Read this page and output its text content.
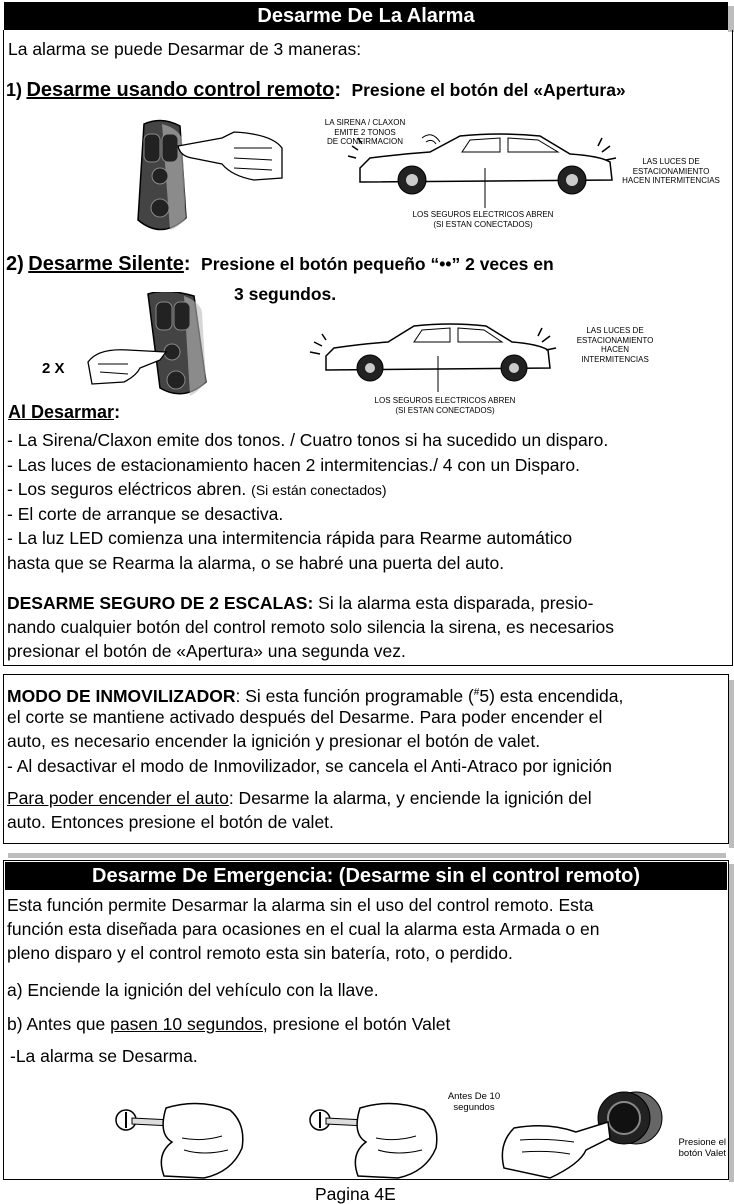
Desarme De La Alarma
La alarma se puede Desarmar de 3 maneras:
1) Desarme usando control remoto: Presione el botón del «Apertura»
LA SIRENA / CLAXON
EMITE 2 TONOS
DE CONFIRMACION
LAS LUCES DE
ESTACIONAMIENTO
HACEN INTERMITENCIAS
LOS SEGUROS ELECTRICOS ABREN
(SI ESTAN CONECTADOS)
2) Desarme Silente: Presione el botón pequeño “••” 2 veces en
3 segundos.
2 X
LAS LUCES DE
ESTACIONAMIENTO
HACEN
INTERMITENCIAS
LOS SEGUROS ELECTRICOS ABREN
(SI ESTAN CONECTADOS)
Al Desarmar:
- La Sirena/Claxon emite dos tonos. / Cuatro tonos si ha sucedido un disparo.
- Las luces de estacionamiento hacen 2 intermitencias./ 4 con un Disparo.
- Los seguros eléctricos abren. (Si están conectados)
- El corte de arranque se desactiva.
- La luz LED comienza una intermitencia rápida para Rearme automático
hasta que se Rearma la alarma, o se habré una puerta del auto.
DESARME SEGURO DE 2 ESCALAS: Si la alarma esta disparada, presio-
nando cualquier botón del control remoto solo silencia la sirena, es necesarios
presionar el botón de «Apertura» una segunda vez.
MODO DE INMOVILIZADOR: Si esta función programable (#5) esta encendida,
el corte se mantiene activado después del Desarme. Para poder encender el
auto, es necesario encender la ignición y presionar el botón de valet.
- Al desactivar el modo de Inmovilizador, se cancela el Anti-Atraco por ignición
Para poder encender el auto: Desarme la alarma, y enciende la ignición del
auto. Entonces presione el botón de valet.
Desarme De Emergencia: (Desarme sin el control remoto)
Esta función permite Desarmar la alarma sin el uso del control remoto. Esta
función esta diseñada para ocasiones en el cual la alarma esta Armada o en
pleno disparo y el control remoto esta sin batería, roto, o perdido.
a) Enciende la ignición del vehículo con la llave.
b) Antes que pasen 10 segundos, presione el botón Valet
-La alarma se Desarma.
Antes De 10
segundos
Presione el
botón Valet
Pagina 4E
